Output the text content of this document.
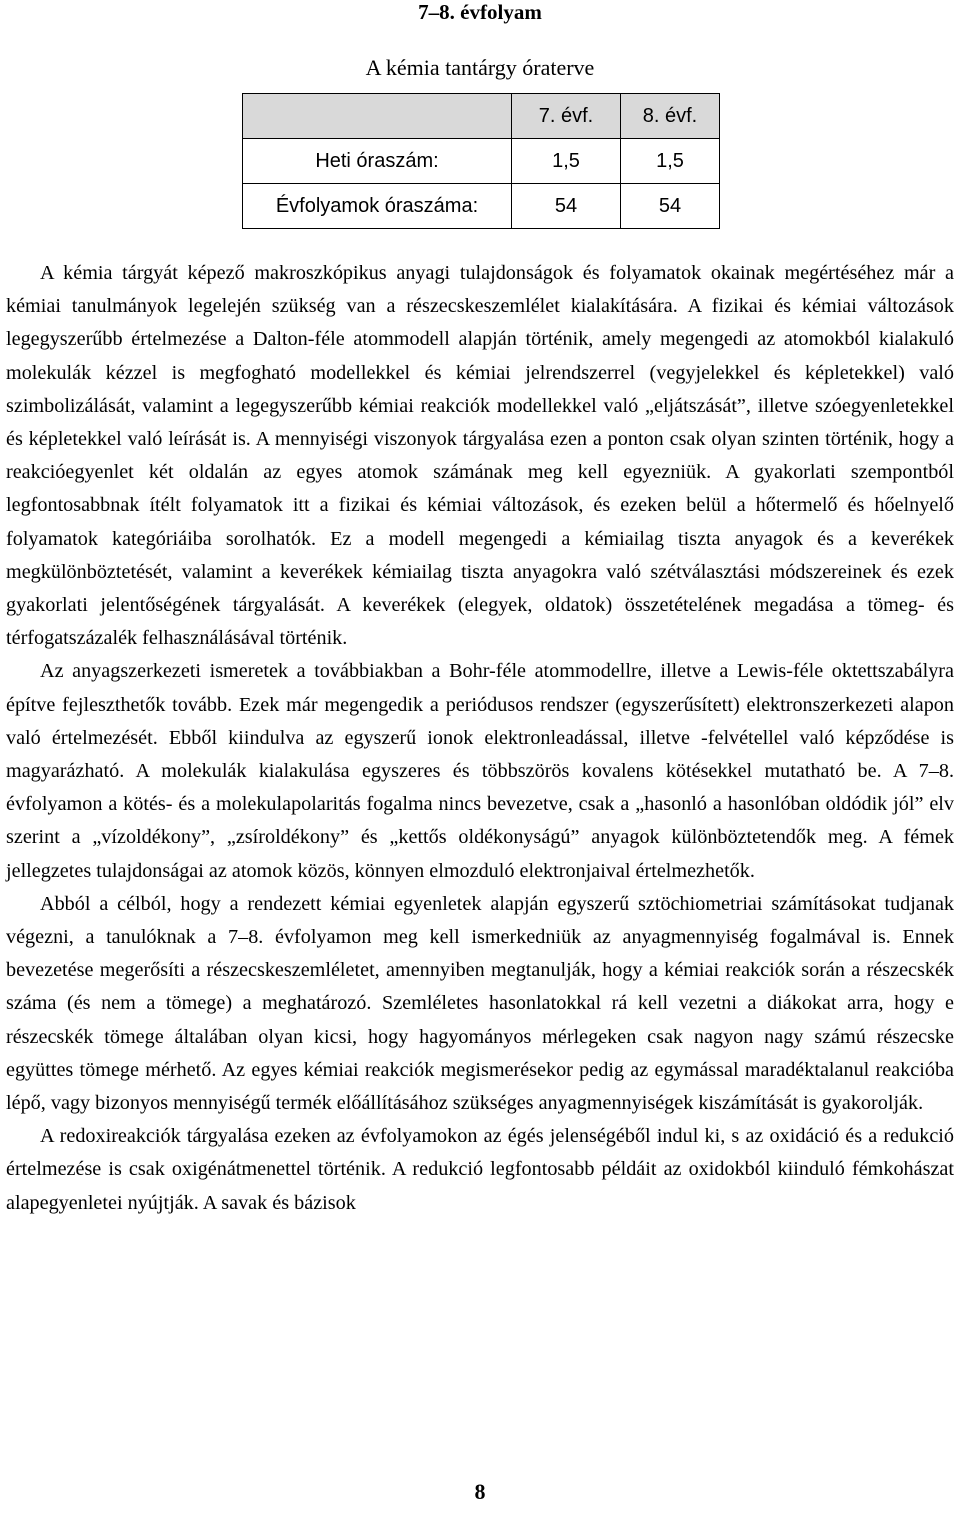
7–8. évfolyam
A kémia tantárgy óraterve
	7. évf.	8. évf.
Heti óraszám:	1,5	1,5
Évfolyamok óraszáma:	54	54

A kémia tárgyát képező makroszkópikus anyagi tulajdonságok és folyamatok okainak megértéséhez már a kémiai tanulmányok legelején szükség van a részecskeszemlélet kialakítására. A fizikai és kémiai változások legegyszerűbb értelmezése a Dalton-féle atommodell alapján történik, amely megengedi az atomokból kialakuló molekulák kézzel is megfogható modellekkel és kémiai jelrendszerrel (vegyjelekkel és képletekkel) való szimbolizálását, valamint a legegyszerűbb kémiai reakciók modellekkel való „eljátszását”, illetve szóegyenletekkel és képletekkel való leírását is. A mennyiségi viszonyok tárgyalása ezen a ponton csak olyan szinten történik, hogy a reakcióegyenlet két oldalán az egyes atomok számának meg kell egyezniük. A gyakorlati szempontból legfontosabbnak ítélt folyamatok itt a fizikai és kémiai változások, és ezeken belül a hőtermelő és hőelnyelő folyamatok kategóriáiba sorolhatók. Ez a modell megengedi a kémiailag tiszta anyagok és a keverékek megkülönböztetését, valamint a keverékek kémiailag tiszta anyagokra való szétválasztási módszereinek és ezek gyakorlati jelentőségének tárgyalását. A keverékek (elegyek, oldatok) összetételének megadása a tömeg- és térfogatszázalék felhasználásával történik.

Az anyagszerkezeti ismeretek a továbbiakban a Bohr-féle atommodellre, illetve a Lewis-féle oktettszabályra építve fejleszthetők tovább. Ezek már megengedik a periódusos rendszer (egyszerűsített) elektronszerkezeti alapon való értelmezését. Ebből kiindulva az egyszerű ionok elektronleadással, illetve -felvétellel való képződése is magyarázható. A molekulák kialakulása egyszeres és többszörös kovalens kötésekkel mutatható be. A 7–8. évfolyamon a kötés- és a molekulapolaritás fogalma nincs bevezetve, csak a „hasonló a hasonlóban oldódik jól” elv szerint a „vízoldékony”, „zsíroldékony” és „kettős oldékonyságú” anyagok különböztetendők meg. A fémek jellegzetes tulajdonságai az atomok közös, könnyen elmozduló elektronjaival értelmezhetők.

Abból a célból, hogy a rendezett kémiai egyenletek alapján egyszerű sztöchiometriai számításokat tudjanak végezni, a tanulóknak a 7–8. évfolyamon meg kell ismerkedniük az anyagmennyiség fogalmával is. Ennek bevezetése megerősíti a részecskeszemléletet, amennyiben megtanulják, hogy a kémiai reakciók során a részecskék száma (és nem a tömege) a meghatározó. Szemléletes hasonlatokkal rá kell vezetni a diákokat arra, hogy e részecskék tömege általában olyan kicsi, hogy hagyományos mérlegeken csak nagyon nagy számú részecske együttes tömege mérhető. Az egyes kémiai reakciók megismerésekor pedig az egymással maradéktalanul reakcióba lépő, vagy bizonyos mennyiségű termék előállításához szükséges anyagmennyiségek kiszámítását is gyakorolják.

A redoxireakciók tárgyalása ezeken az évfolyamokon az égés jelenségéből indul ki, s az oxidáció és a redukció értelmezése is csak oxigénátmenettel történik. A redukció legfontosabb példáit az oxidokból kiinduló fémkohászat alapegyenletei nyújtják. A savak és bázisok

8
